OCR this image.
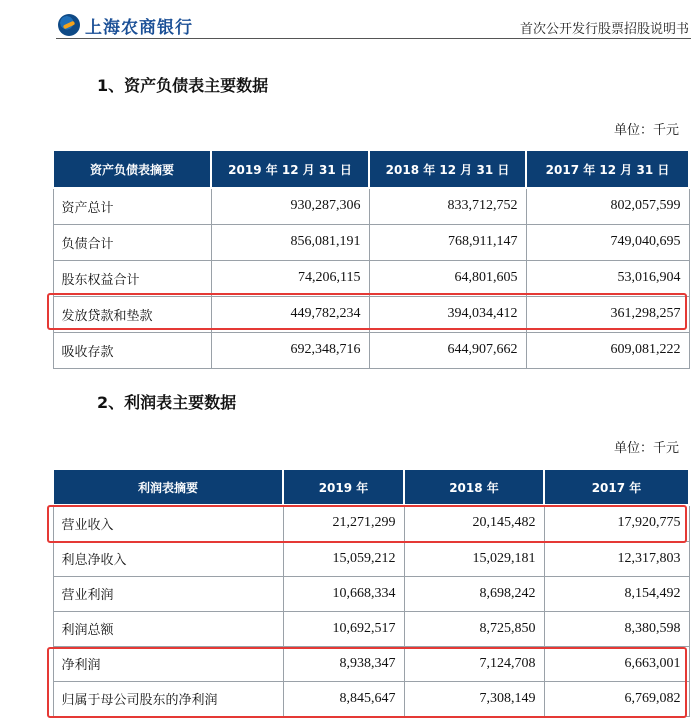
上海农商银行	首次公开发行股票招股说明书
1、资产负债表主要数据
单位：千元
资产负债表摘要	2019 年 12 月 31 日	2018 年 12 月 31 日	2017 年 12 月 31 日
资产总计	930,287,306	833,712,752	802,057,599
负债合计	856,081,191	768,911,147	749,040,695
股东权益合计	74,206,115	64,801,605	53,016,904
发放贷款和垫款	449,782,234	394,034,412	361,298,257
吸收存款	692,348,716	644,907,662	609,081,222
2、利润表主要数据
单位：千元
利润表摘要	2019 年	2018 年	2017 年
营业收入	21,271,299	20,145,482	17,920,775
利息净收入	15,059,212	15,029,181	12,317,803
营业利润	10,668,334	8,698,242	8,154,492
利润总额	10,692,517	8,725,850	8,380,598
净利润	8,938,347	7,124,708	6,663,001
归属于母公司股东的净利润	8,845,647	7,308,149	6,769,082
